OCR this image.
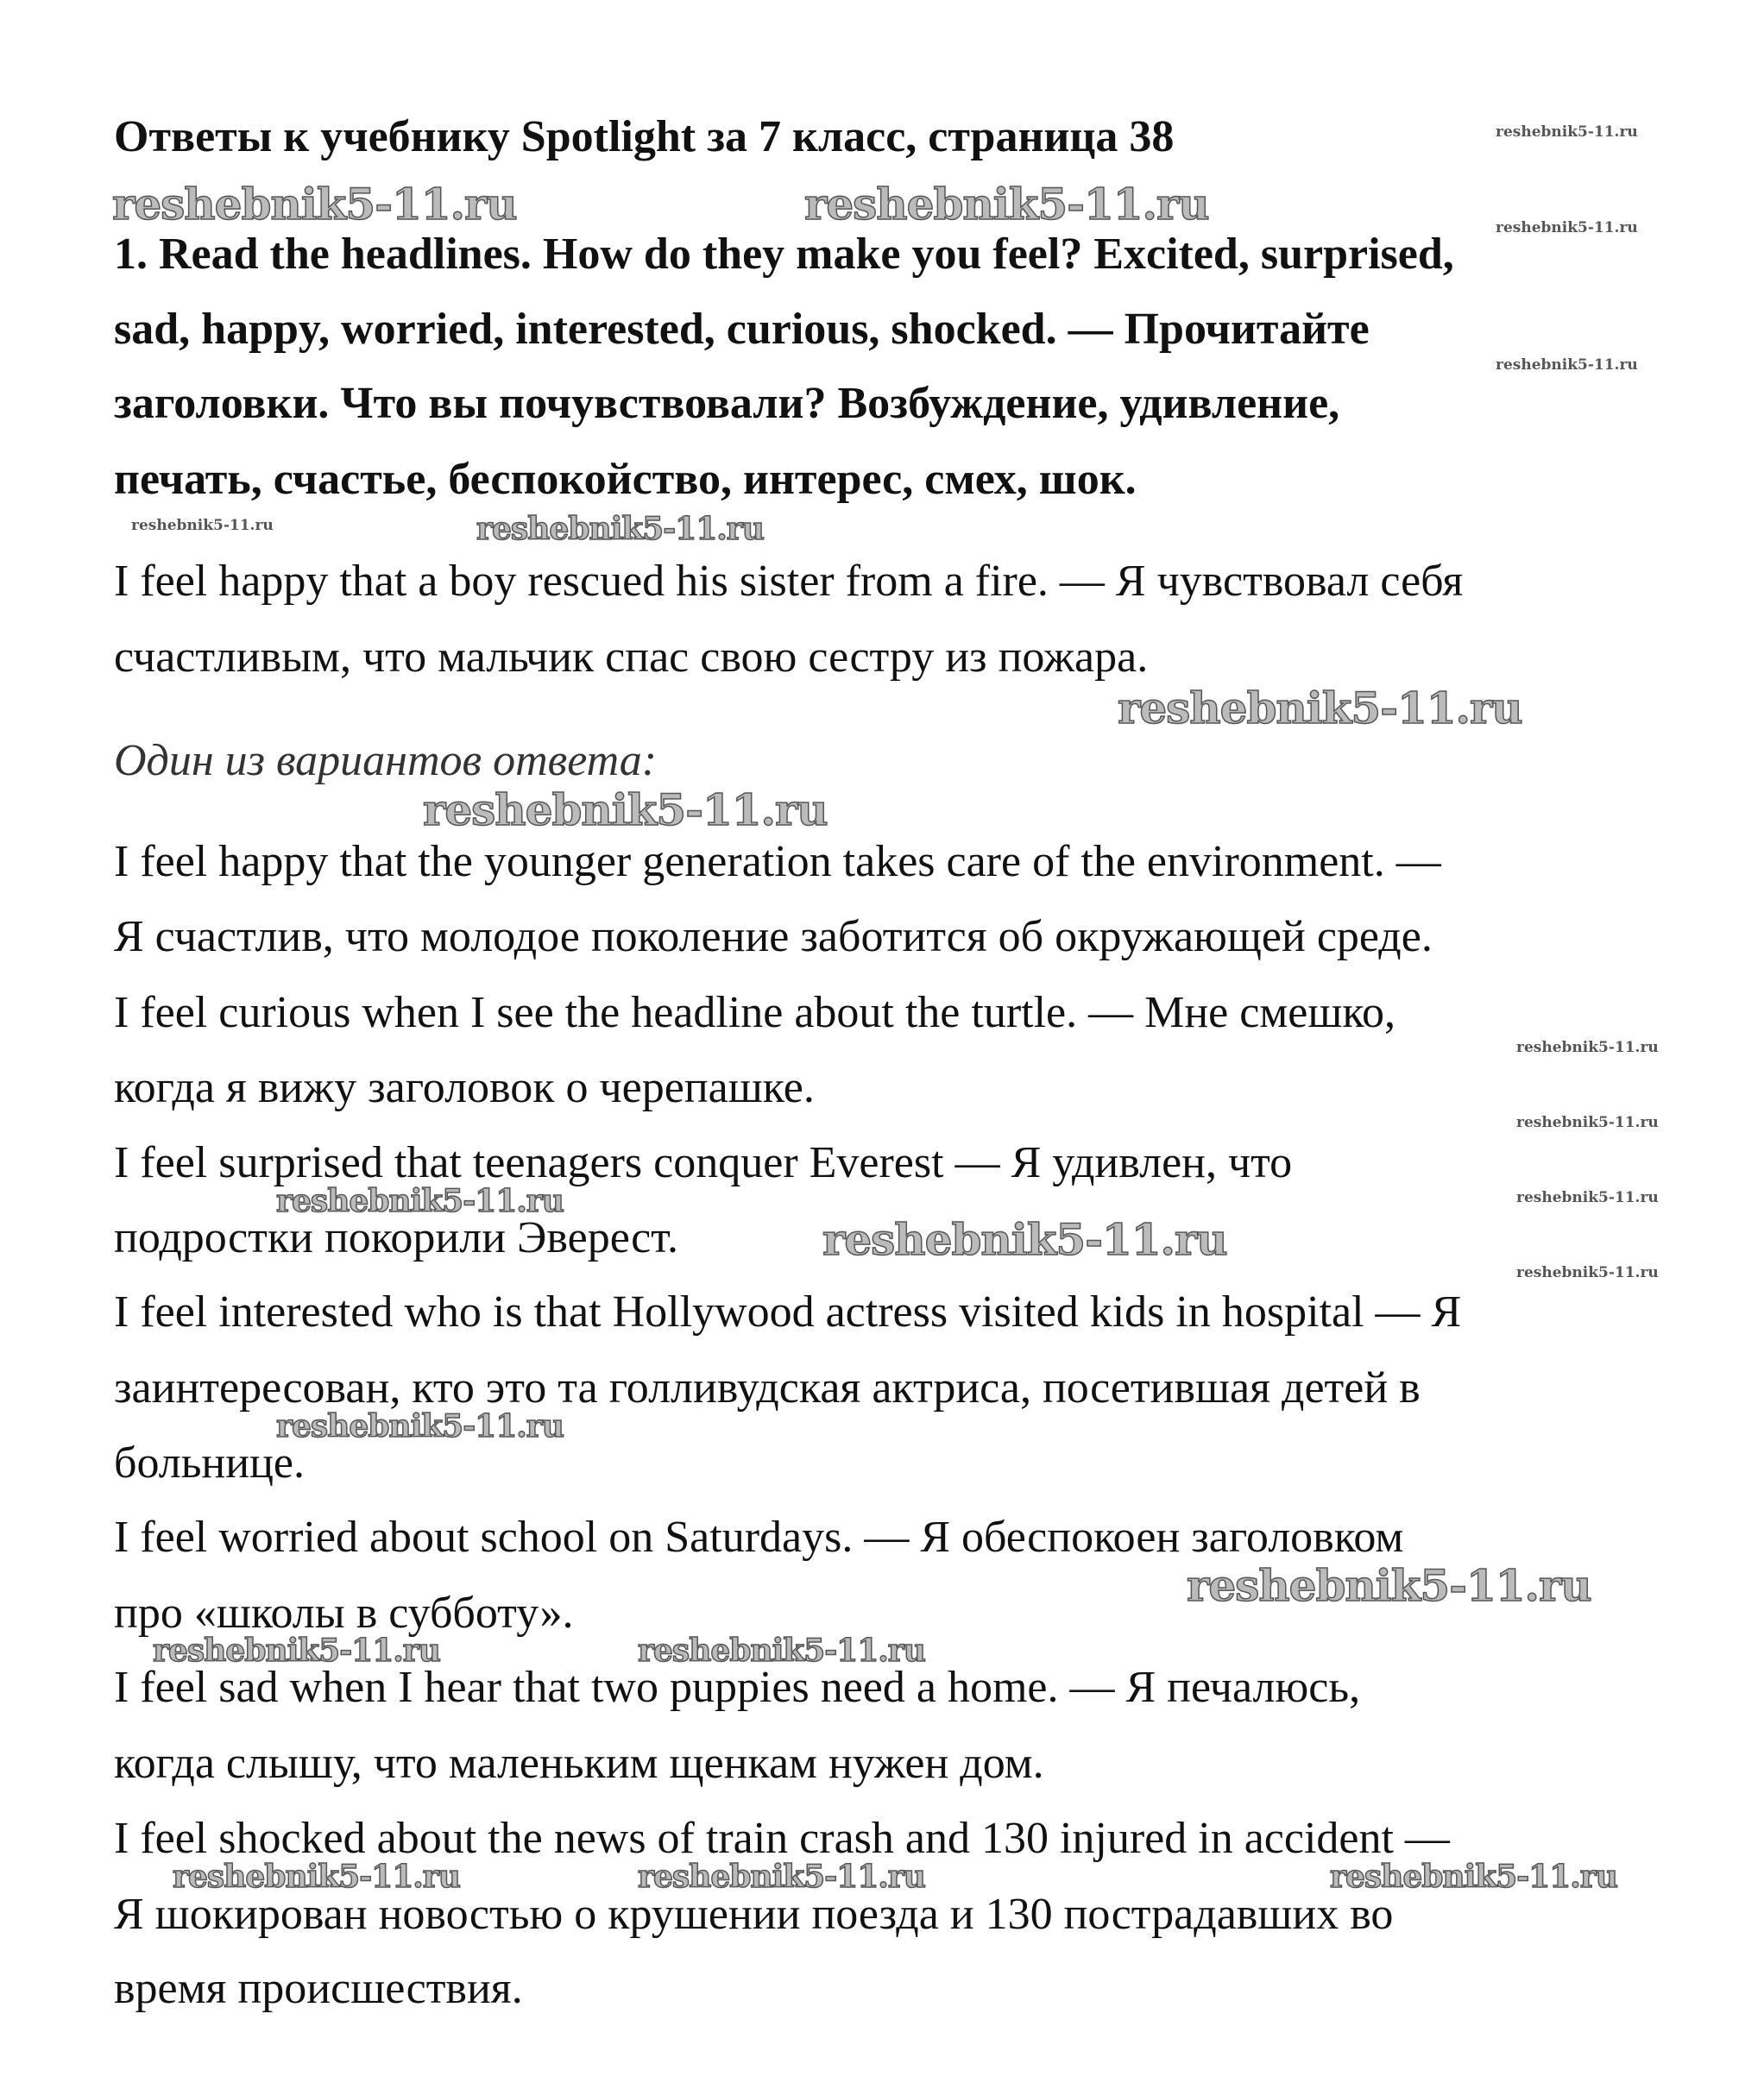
Ответы к учебнику Spotlight за 7 класс, страница 38
1. Read the headlines. How do they make you feel? Excited, surprised,
sad, happy, worried, interested, curious, shocked. — Прочитайте
заголовки. Что вы почувствовали? Возбуждение, удивление,
печать, счастье, беспокойство, интерес, смех, шок.
I feel happy that a boy rescued his sister from a fire. — Я чувствовал себя
счастливым, что мальчик спас свою сестру из пожара.
Один из вариантов ответа:
I feel happy that the younger generation takes care of the environment. —
Я счастлив, что молодое поколение заботится об окружающей среде.
I feel curious when I see the headline about the turtle. — Мне смешко,
когда я вижу заголовок о черепашке.
I feel surprised that teenagers conquer Everest — Я удивлен, что
подростки покорили Эверест.
I feel interested who is that Hollywood actress visited kids in hospital — Я
заинтересован, кто это та голливудская актриса, посетившая детей в
больнице.
I feel worried about school on Saturdays. — Я обеспокоен заголовком
про «школы в субботу».
I feel sad when I hear that two puppies need a home. — Я печалюсь,
когда слышу, что маленьким щенкам нужен дом.
I feel shocked about the news of train crash and 130 injured in accident —
Я шокирован новостью о крушении поезда и 130 пострадавших во
время происшествия.
reshebnik5-11.ru	reshebnik5-11.ru
reshebnik5-11.ru
reshebnik5-11.ru
reshebnik5-11.ru
reshebnik5-11.ru
reshebnik5-11.ru
reshebnik5-11.ru
reshebnik5-11.ru
reshebnik5-11.ru	reshebnik5-11.ru
reshebnik5-11.ru	reshebnik5-11.ru	reshebnik5-11.ru
reshebnik5-11.ru
reshebnik5-11.ru
reshebnik5-11.ru
reshebnik5-11.ru
reshebnik5-11.ru
reshebnik5-11.ru
reshebnik5-11.ru
reshebnik5-11.ru
